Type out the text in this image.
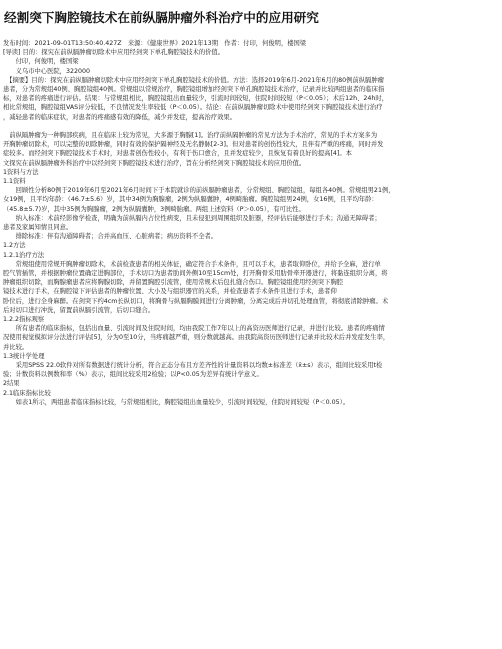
经割突下胸腔镜技术在前纵膈肿瘤外科治疗中的应用研究
发布时间：2021-09-01T13:50:40.427Z　来源：《健康世界》2021年13期　作者：付印，何俊明，楼国梁
[导读] 目的：探究在前纵膈肿瘤切除术中应用经剑突下单孔胸腔镜技术的价值。
　　付印，何俊明，楼国梁
　　义乌市中心医院，322000
　【摘要】目的：探究在前纵膈肿瘤切除术中应用经剑突下单孔胸腔镜技术的价值。方法：选择2019年6月-2021年6月的80例前纵膈肿瘤
患者，分为常规组40例、胸腔镜组40例。常规组以常规治疗，胸腔镜组增加经剑突下单孔胸腔镜技术治疗，记录并比较两组患者的临床指
标，对患者的疼痛进行评估。结果：与常规组相比，胸腔镜组出血量较少，引流时间较短，住院时间较短（P＜0.05）；术后12h、24h时，
相比常规组，胸腔镜组VAS评分较低，不良情况发生率较低（P＜0.05）。结论：在前纵膈肿瘤切除术中使用经剑突下胸腔镜技术进行治疗
，减轻患者的临床症状，对患者的疼痛感有效的降低，减少并发症，提高治疗效果。
　前纵隔肿瘤为一种胸部疾病，且在临床上较为常见，大多源于胸腺[1]。治疗前纵隔肿瘤的常见方法为手术治疗，常见的手术方案多为
开胸肿瘤切除术，可以完整的切除肿瘤，同时有效的保护隔神经及无名静脉[2-3]。但对患者的创伤性较大，且伴有严重的疼痛，同时并发
症较多。而经剑突下胸腔镜技术手术时，对患者创伤性较小，有利于伤口愈合，且并发症较少，且恢复有着良好的提高[4]。本
文探究在前纵膈肿瘤外科治疗中以经剑突下胸腔镜技术进行治疗，旨在分析经剑突下胸腔镜技术的应用价值。
1资料与方法
1.1资料
　　回顾性分析80例于2019年6月至2021年6月时间下于本院就诊的前纵膈肿瘤患者，分常规组、胸腔镜组，每组各40例。常规组男21例，
女19例，且平均年龄：（46.7±5.6）岁，其中34例为胸腺瘤，2例为纵膈囊肿，4例畸胎瘤。胸腔镜组男24例，女16例，且平均年龄：
（45.8±5.7)岁，其中35例为胸腺瘤，2例为纵膈囊肿，3例畸胎瘤。两组上述资料（P＞0.05），有可比性。
　　纳入标准：术前经影像学检查，明确为前纵膈内占位性病变，且未侵犯到周围组织及脏器，经评估后能够进行手术；沟通无障碍者；
患者及家属知情且同意。
　　排除标准：伴有沟通障碍者；合并高血压、心脏病者；病历资料不全者。
1.2方法
1.2.1治疗方法
　　常规组使用常规开胸肿瘤切除术，术前检查患者的相关体征，确定符合手术条件，且可以手术，患者取仰卧位，并给予全麻，进行单
腔气管插管，并根据肿瘤位置确定进胸部位，手术切口为患者肋间外侧10至15cm处，打开胸骨采用肋骨牵开器进行，将黏连组织分离，将
肿瘤组织切除，而胸腺瘤患者应将胸腺切除，并留置胸腔引流管，使用常规术后包扎缝合伤口。胸腔镜组使用经剑突下胸腔
镜技术进行手术，在胸腔镜下评估患者的肿瘤位置、大小及与组织器官的关系，并检查患者手术条件且进行手术，患者仰
卧位后，进行全身麻醉。在剑突下约4cm长纵切口，将胸骨与纵膈胸膜间进行分离肿瘤，分离完成后并切孔处理血管，将彻底清除肿瘤。术
后对切口进行冲洗，留置前纵膈引流管，后切口缝合。
1.2.2指标观察
　　所有患者的临床指标，包括出血量、引流时间及住院时间，均由我院工作7年以上的高资历医师进行记录，并进行比较。患者的疼痛情
况使用视觉模拟评分法进行评估[5]，分为0至10分，当疼痛越严重，则分数就越高。由我院高资历医师进行记录并比较术后并发症发生率，
并比较。
1.3统计学处理
　　采用SPSS 22.0软件对所有数据进行统计分析，符合正态分布且方差齐性的计量资料以均数±标准差（x̄±s）表示，组间比较采用t检
验；计数资料以例数和率（%）表示，组间比较采用2检验；以P<0.05为差异有统计学意义。
2结果
2.1临床指标比较
　　如表1所示，两组患者临床指标比较，与常规组相比，胸腔镜组出血量较少，引流时间较短，住院时间较短（P＜0.05）。
